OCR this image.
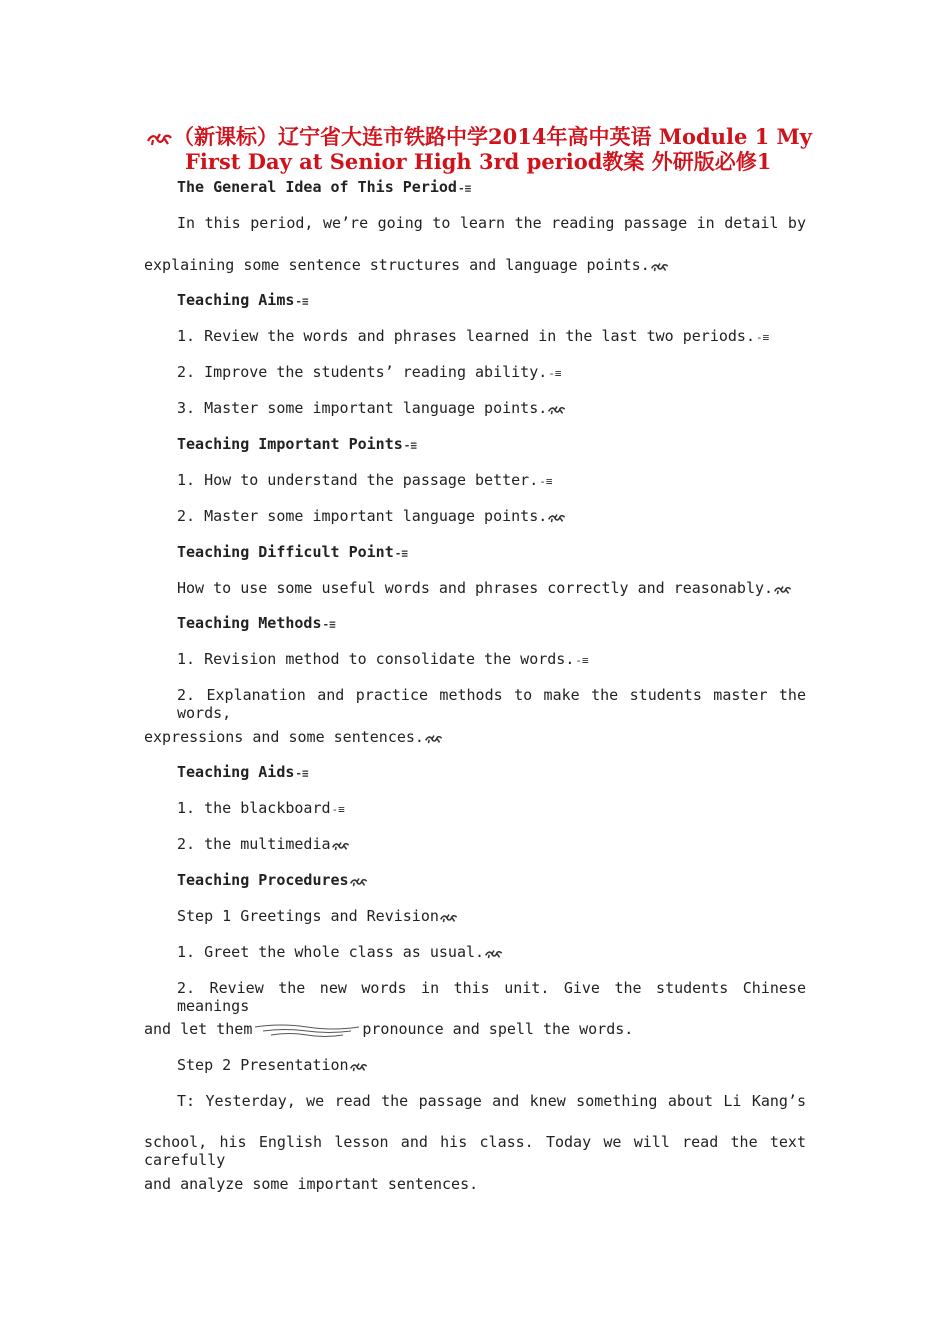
（新课标）辽宁省大连市铁路中学2014年高中英语 Module 1 My
First Day at Senior High 3rd period教案 外研版必修1
The General Idea of This Period-≡
In this period, we’re going to learn the reading passage in detail by
explaining some sentence structures and language points.
Teaching Aims-≡
1. Review the words and phrases learned in the last two periods.-≡
2. Improve the students’ reading ability.-≡
3. Master some important language points.
Teaching Important Points-≡
1. How to understand the passage better.-≡
2. Master some important language points.
Teaching Difficult Point-≡
How to use some useful words and phrases correctly and reasonably.
Teaching Methods-≡
1. Revision method to consolidate the words.-≡
2. Explanation and practice methods to make the students master the words,
expressions and some sentences.
Teaching Aids-≡
1. the blackboard-≡
2. the multimedia
Teaching Procedures
Step 1 Greetings and Revision
1. Greet the whole class as usual.
2. Review the new words in this unit. Give the students Chinese meanings
and let them	pronounce and spell the words.
Step 2 Presentation
T: Yesterday, we read the passage and knew something about Li Kang’s
school, his English lesson and his class. Today we will read the text carefully
and analyze some important sentences.
